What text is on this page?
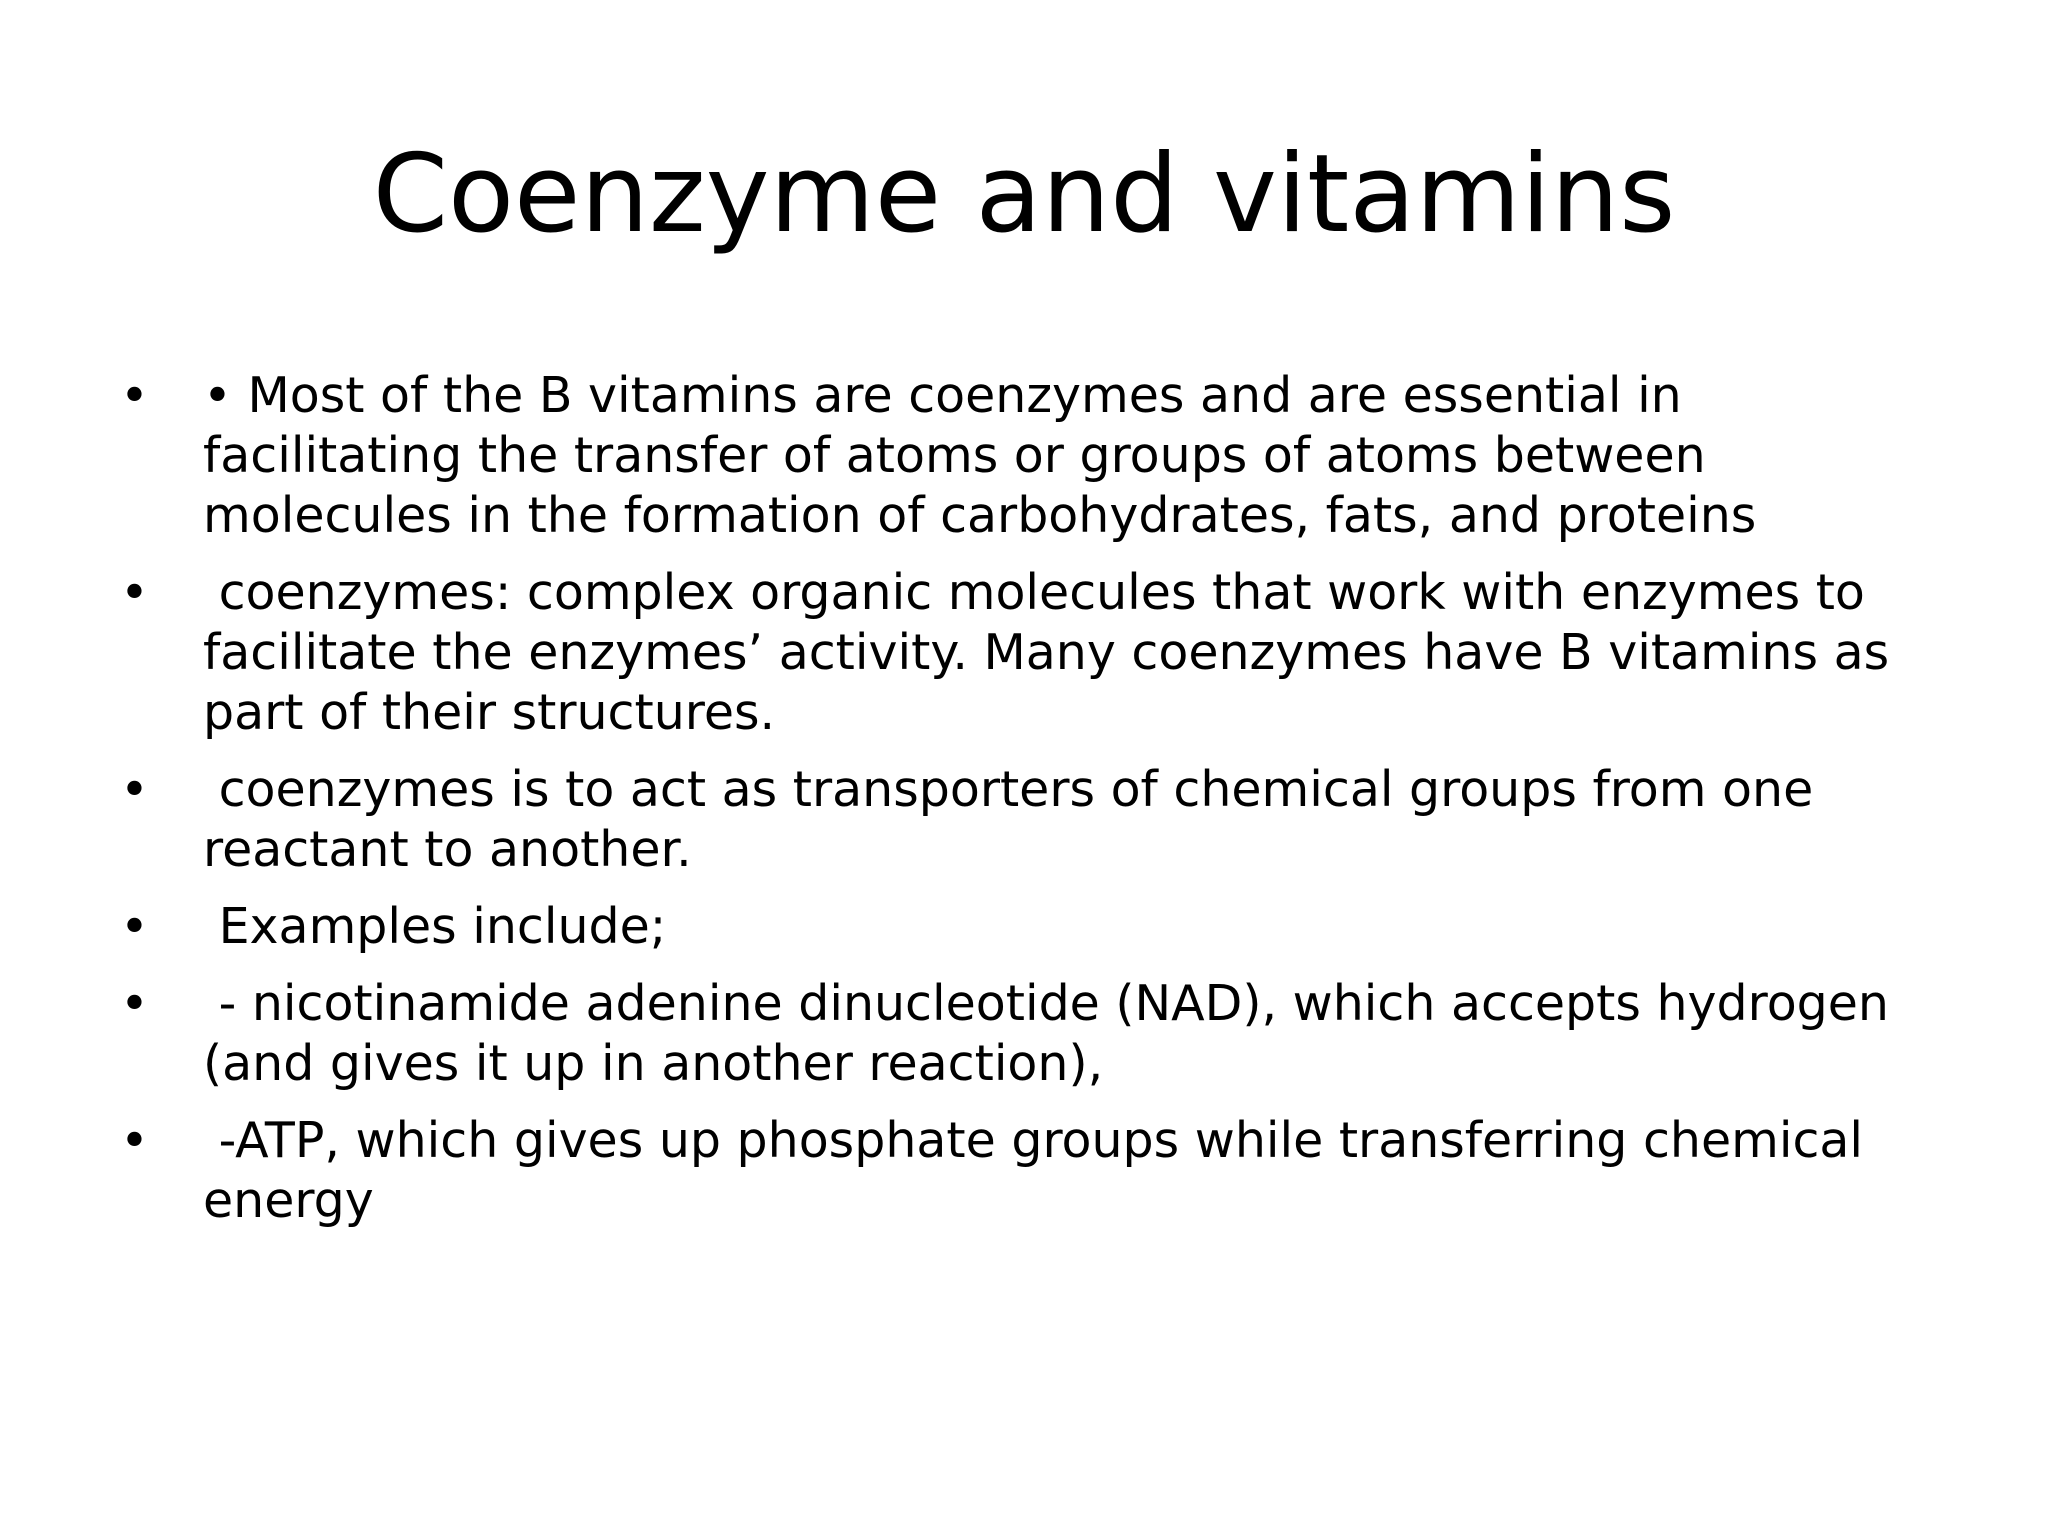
Coenzyme and vitamins
• • Most of the B vitamins are coenzymes and are essential in facilitating the transfer of atoms or groups of atoms between molecules in the formation of carbohydrates, fats, and proteins
• coenzymes: complex organic molecules that work with enzymes to facilitate the enzymes’ activity. Many coenzymes have B vitamins as part of their structures.
• coenzymes is to act as transporters of chemical groups from one reactant to another.
• Examples include;
• - nicotinamide adenine dinucleotide (NAD), which accepts hydrogen (and gives it up in another reaction),
• -ATP, which gives up phosphate groups while transferring chemical energy
